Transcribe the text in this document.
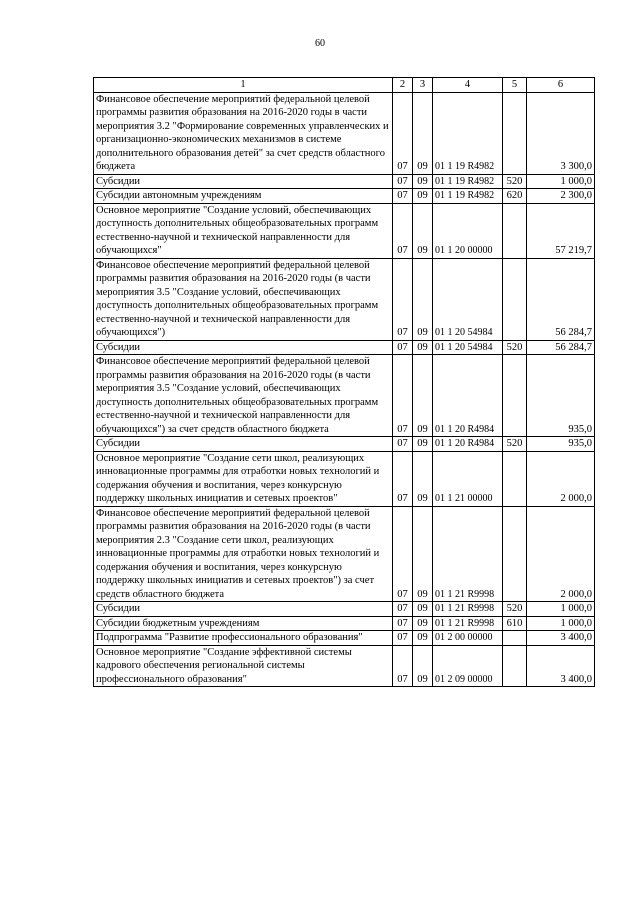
60
1	2	3	4	5	6
Финансовое обеспечение мероприятий федеральной целевой программы развития образования на 2016-2020 годы в части мероприятия 3.2 "Формирование современных управленческих и организационно-экономических механизмов в системе дополнительного образования детей" за счет средств областного бюджета	07	09	01 1 19 R4982		3 300,0
Субсидии	07	09	01 1 19 R4982	520	1 000,0
Субсидии автономным учреждениям	07	09	01 1 19 R4982	620	2 300,0
Основное мероприятие "Создание условий, обеспечивающих доступность дополнительных общеобразовательных программ естественно-научной и технической направленности для обучающихся"	07	09	01 1 20 00000		57 219,7
Финансовое обеспечение мероприятий федеральной целевой программы развития образования на 2016-2020 годы (в части мероприятия 3.5 "Создание условий, обеспечивающих доступность дополнительных общеобразовательных программ естественно-научной и технической направленности для обучающихся")	07	09	01 1 20 54984		56 284,7
Субсидии	07	09	01 1 20 54984	520	56 284,7
Финансовое обеспечение мероприятий федеральной целевой программы развития образования на 2016-2020 годы (в части мероприятия 3.5 "Создание условий, обеспечивающих доступность дополнительных общеобразовательных программ естественно-научной и технической направленности для обучающихся") за счет средств областного бюджета	07	09	01 1 20 R4984		935,0
Субсидии	07	09	01 1 20 R4984	520	935,0
Основное мероприятие "Создание сети школ, реализующих инновационные программы для отработки новых технологий и содержания обучения и воспитания, через конкурсную поддержку школьных инициатив и сетевых проектов"	07	09	01 1 21 00000		2 000,0
Финансовое обеспечение мероприятий федеральной целевой программы развития образования на 2016-2020 годы (в части мероприятия 2.3 "Создание сети школ, реализующих инновационные программы для отработки новых технологий и содержания обучения и воспитания, через конкурсную поддержку школьных инициатив и сетевых проектов") за счет средств областного бюджета	07	09	01 1 21 R9998		2 000,0
Субсидии	07	09	01 1 21 R9998	520	1 000,0
Субсидии бюджетным учреждениям	07	09	01 1 21 R9998	610	1 000,0
Подпрограмма "Развитие профессионального образования"	07	09	01 2 00 00000		3 400,0
Основное мероприятие "Создание эффективной системы кадрового обеспечения региональной системы профессионального образования"	07	09	01 2 09 00000		3 400,0
